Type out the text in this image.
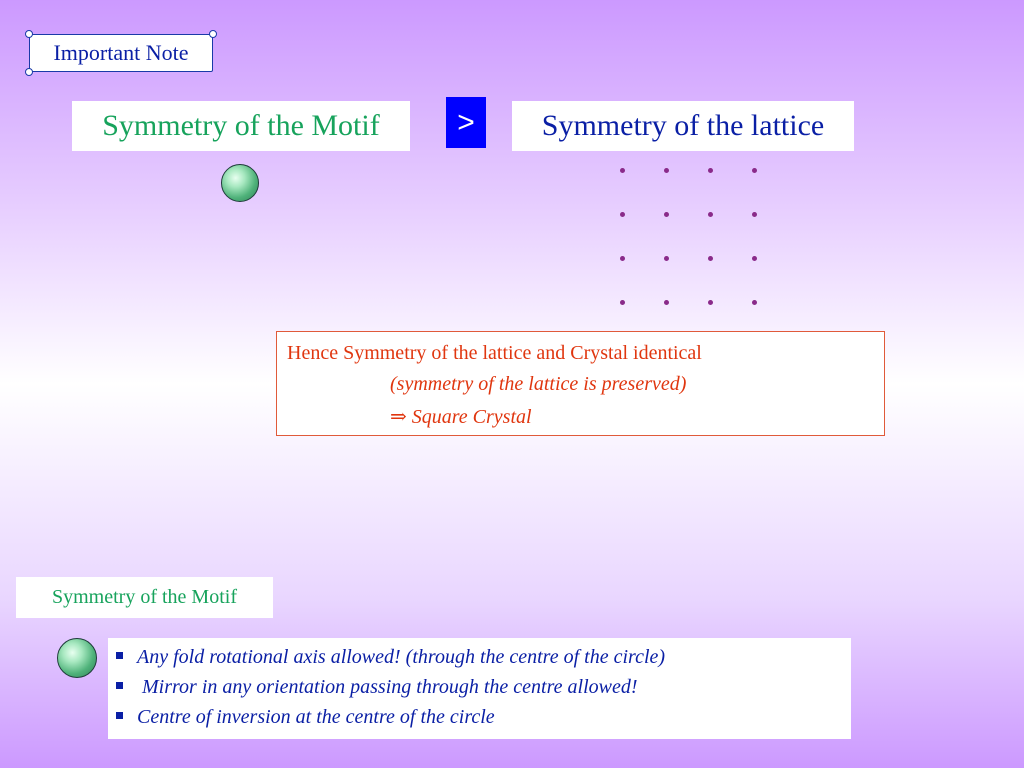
Important Note
Symmetry of the Motif	>	Symmetry of the lattice
Hence Symmetry of the lattice and Crystal identical
(symmetry of the lattice is preserved)
⇒ Square Crystal
Symmetry of the Motif
Any fold rotational axis allowed! (through the centre of the circle)
Mirror in any orientation passing through the centre allowed!
Centre of inversion at the centre of the circle
